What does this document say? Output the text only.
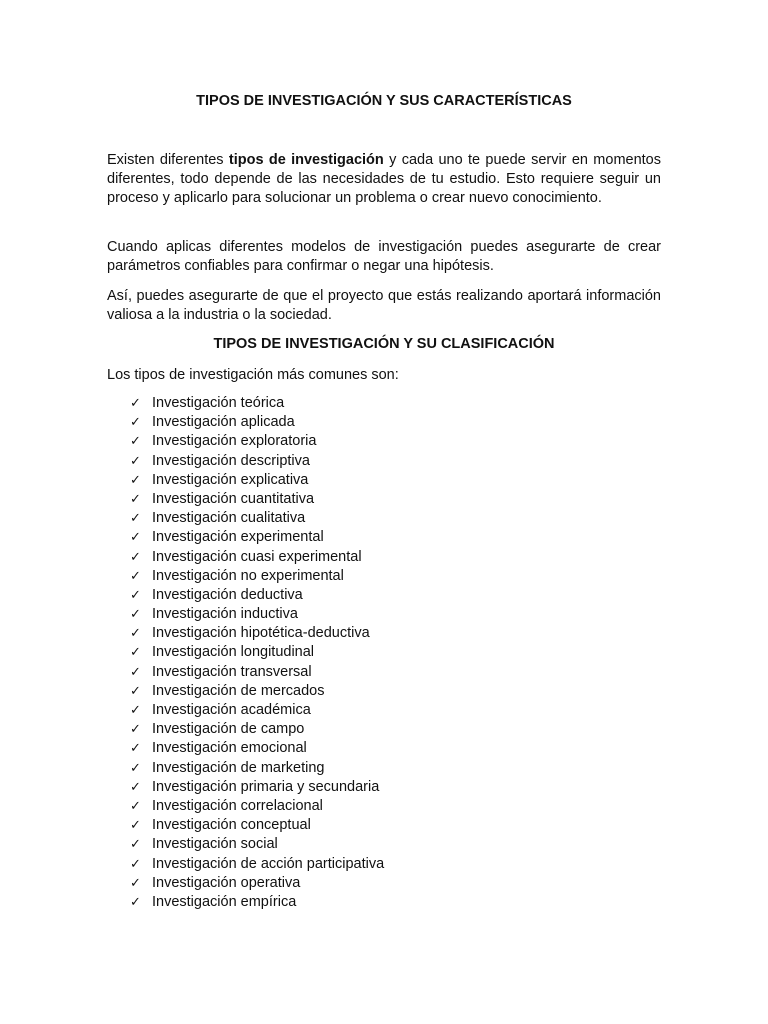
TIPOS DE INVESTIGACIÓN Y SUS CARACTERÍSTICAS

Existen diferentes tipos de investigación y cada uno te puede servir en momentos diferentes, todo depende de las necesidades de tu estudio. Esto requiere seguir un proceso y aplicarlo para solucionar un problema o crear nuevo conocimiento.

Cuando aplicas diferentes modelos de investigación puedes asegurarte de crear parámetros confiables para confirmar o negar una hipótesis.

Así, puedes asegurarte de que el proyecto que estás realizando aportará información valiosa a la industria o la sociedad.

TIPOS DE INVESTIGACIÓN Y SU CLASIFICACIÓN

Los tipos de investigación más comunes son:

✓ Investigación teórica
✓ Investigación aplicada
✓ Investigación exploratoria
✓ Investigación descriptiva
✓ Investigación explicativa
✓ Investigación cuantitativa
✓ Investigación cualitativa
✓ Investigación experimental
✓ Investigación cuasi experimental
✓ Investigación no experimental
✓ Investigación deductiva
✓ Investigación inductiva
✓ Investigación hipotética-deductiva
✓ Investigación longitudinal
✓ Investigación transversal
✓ Investigación de mercados
✓ Investigación académica
✓ Investigación de campo
✓ Investigación emocional
✓ Investigación de marketing
✓ Investigación primaria y secundaria
✓ Investigación correlacional
✓ Investigación conceptual
✓ Investigación social
✓ Investigación de acción participativa
✓ Investigación operativa
✓ Investigación empírica
